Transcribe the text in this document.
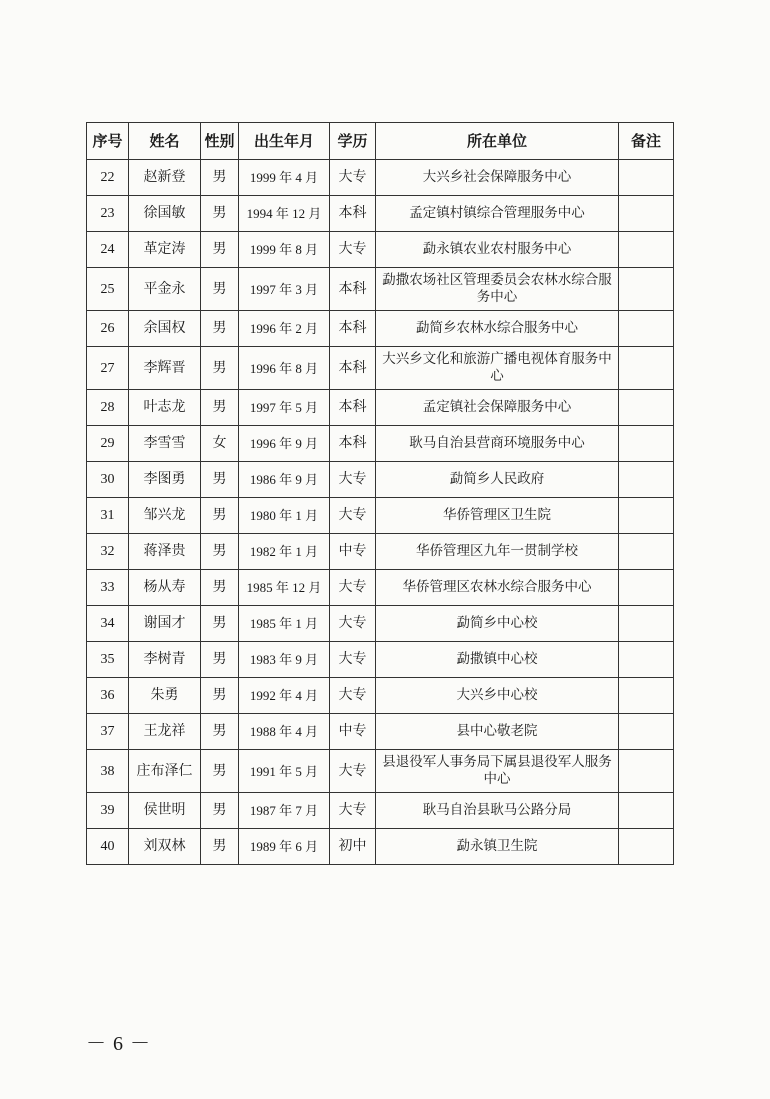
序号	姓名	性别	出生年月	学历	所在单位	备注
22	赵新登	男	1999 年 4 月	大专	大兴乡社会保障服务中心	
23	徐国敏	男	1994 年 12 月	本科	孟定镇村镇综合管理服务中心	
24	革定涛	男	1999 年 8 月	大专	勐永镇农业农村服务中心	
25	平金永	男	1997 年 3 月	本科	勐撒农场社区管理委员会农林水综合服务中心	
26	余国权	男	1996 年 2 月	本科	勐简乡农林水综合服务中心	
27	李辉晋	男	1996 年 8 月	本科	大兴乡文化和旅游广播电视体育服务中心	
28	叶志龙	男	1997 年 5 月	本科	孟定镇社会保障服务中心	
29	李雪雪	女	1996 年 9 月	本科	耿马自治县营商环境服务中心	
30	李图勇	男	1986 年 9 月	大专	勐简乡人民政府	
31	邹兴龙	男	1980 年 1 月	大专	华侨管理区卫生院	
32	蒋泽贵	男	1982 年 1 月	中专	华侨管理区九年一贯制学校	
33	杨从寿	男	1985 年 12 月	大专	华侨管理区农林水综合服务中心	
34	谢国才	男	1985 年 1 月	大专	勐简乡中心校	
35	李树青	男	1983 年 9 月	大专	勐撒镇中心校	
36	朱勇	男	1992 年 4 月	大专	大兴乡中心校	
37	王龙祥	男	1988 年 4 月	中专	县中心敬老院	
38	庄布泽仁	男	1991 年 5 月	大专	县退役军人事务局下属县退役军人服务中心	
39	侯世明	男	1987 年 7 月	大专	耿马自治县耿马公路分局	
40	刘双林	男	1989 年 6 月	初中	勐永镇卫生院	
－ 6 －
